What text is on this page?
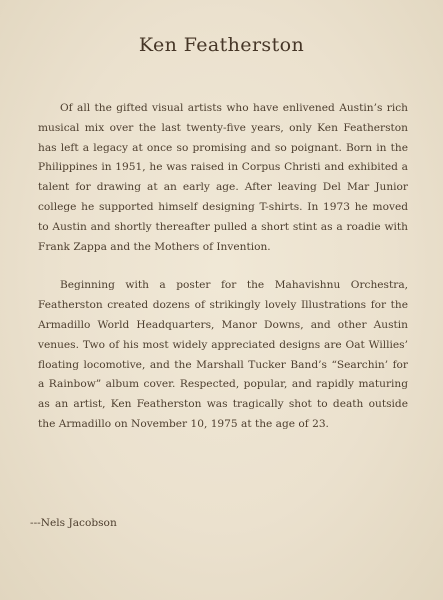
Ken Featherston

Of all the gifted visual artists who have enlivened Austin’s rich musical mix over the last twenty-five years, only Ken Featherston has left a legacy at once so promising and so poignant. Born in the Philippines in 1951, he was raised in Corpus Christi and exhibited a talent for drawing at an early age. After leaving Del Mar Junior college he supported himself designing T-shirts. In 1973 he moved to Austin and shortly thereafter pulled a short stint as a roadie with Frank Zappa and the Mothers of Invention.

Beginning with a poster for the Mahavishnu Orchestra, Featherston created dozens of strikingly lovely Illustrations for the Armadillo World Headquarters, Manor Downs, and other Austin venues. Two of his most widely appreciated designs are Oat Willies’ floating locomotive, and the Marshall Tucker Band’s “Searchin’ for a Rainbow” album cover. Respected, popular, and rapidly maturing as an artist, Ken Featherston was tragically shot to death outside the Armadillo on November 10, 1975 at the age of 23.

---Nels Jacobson
